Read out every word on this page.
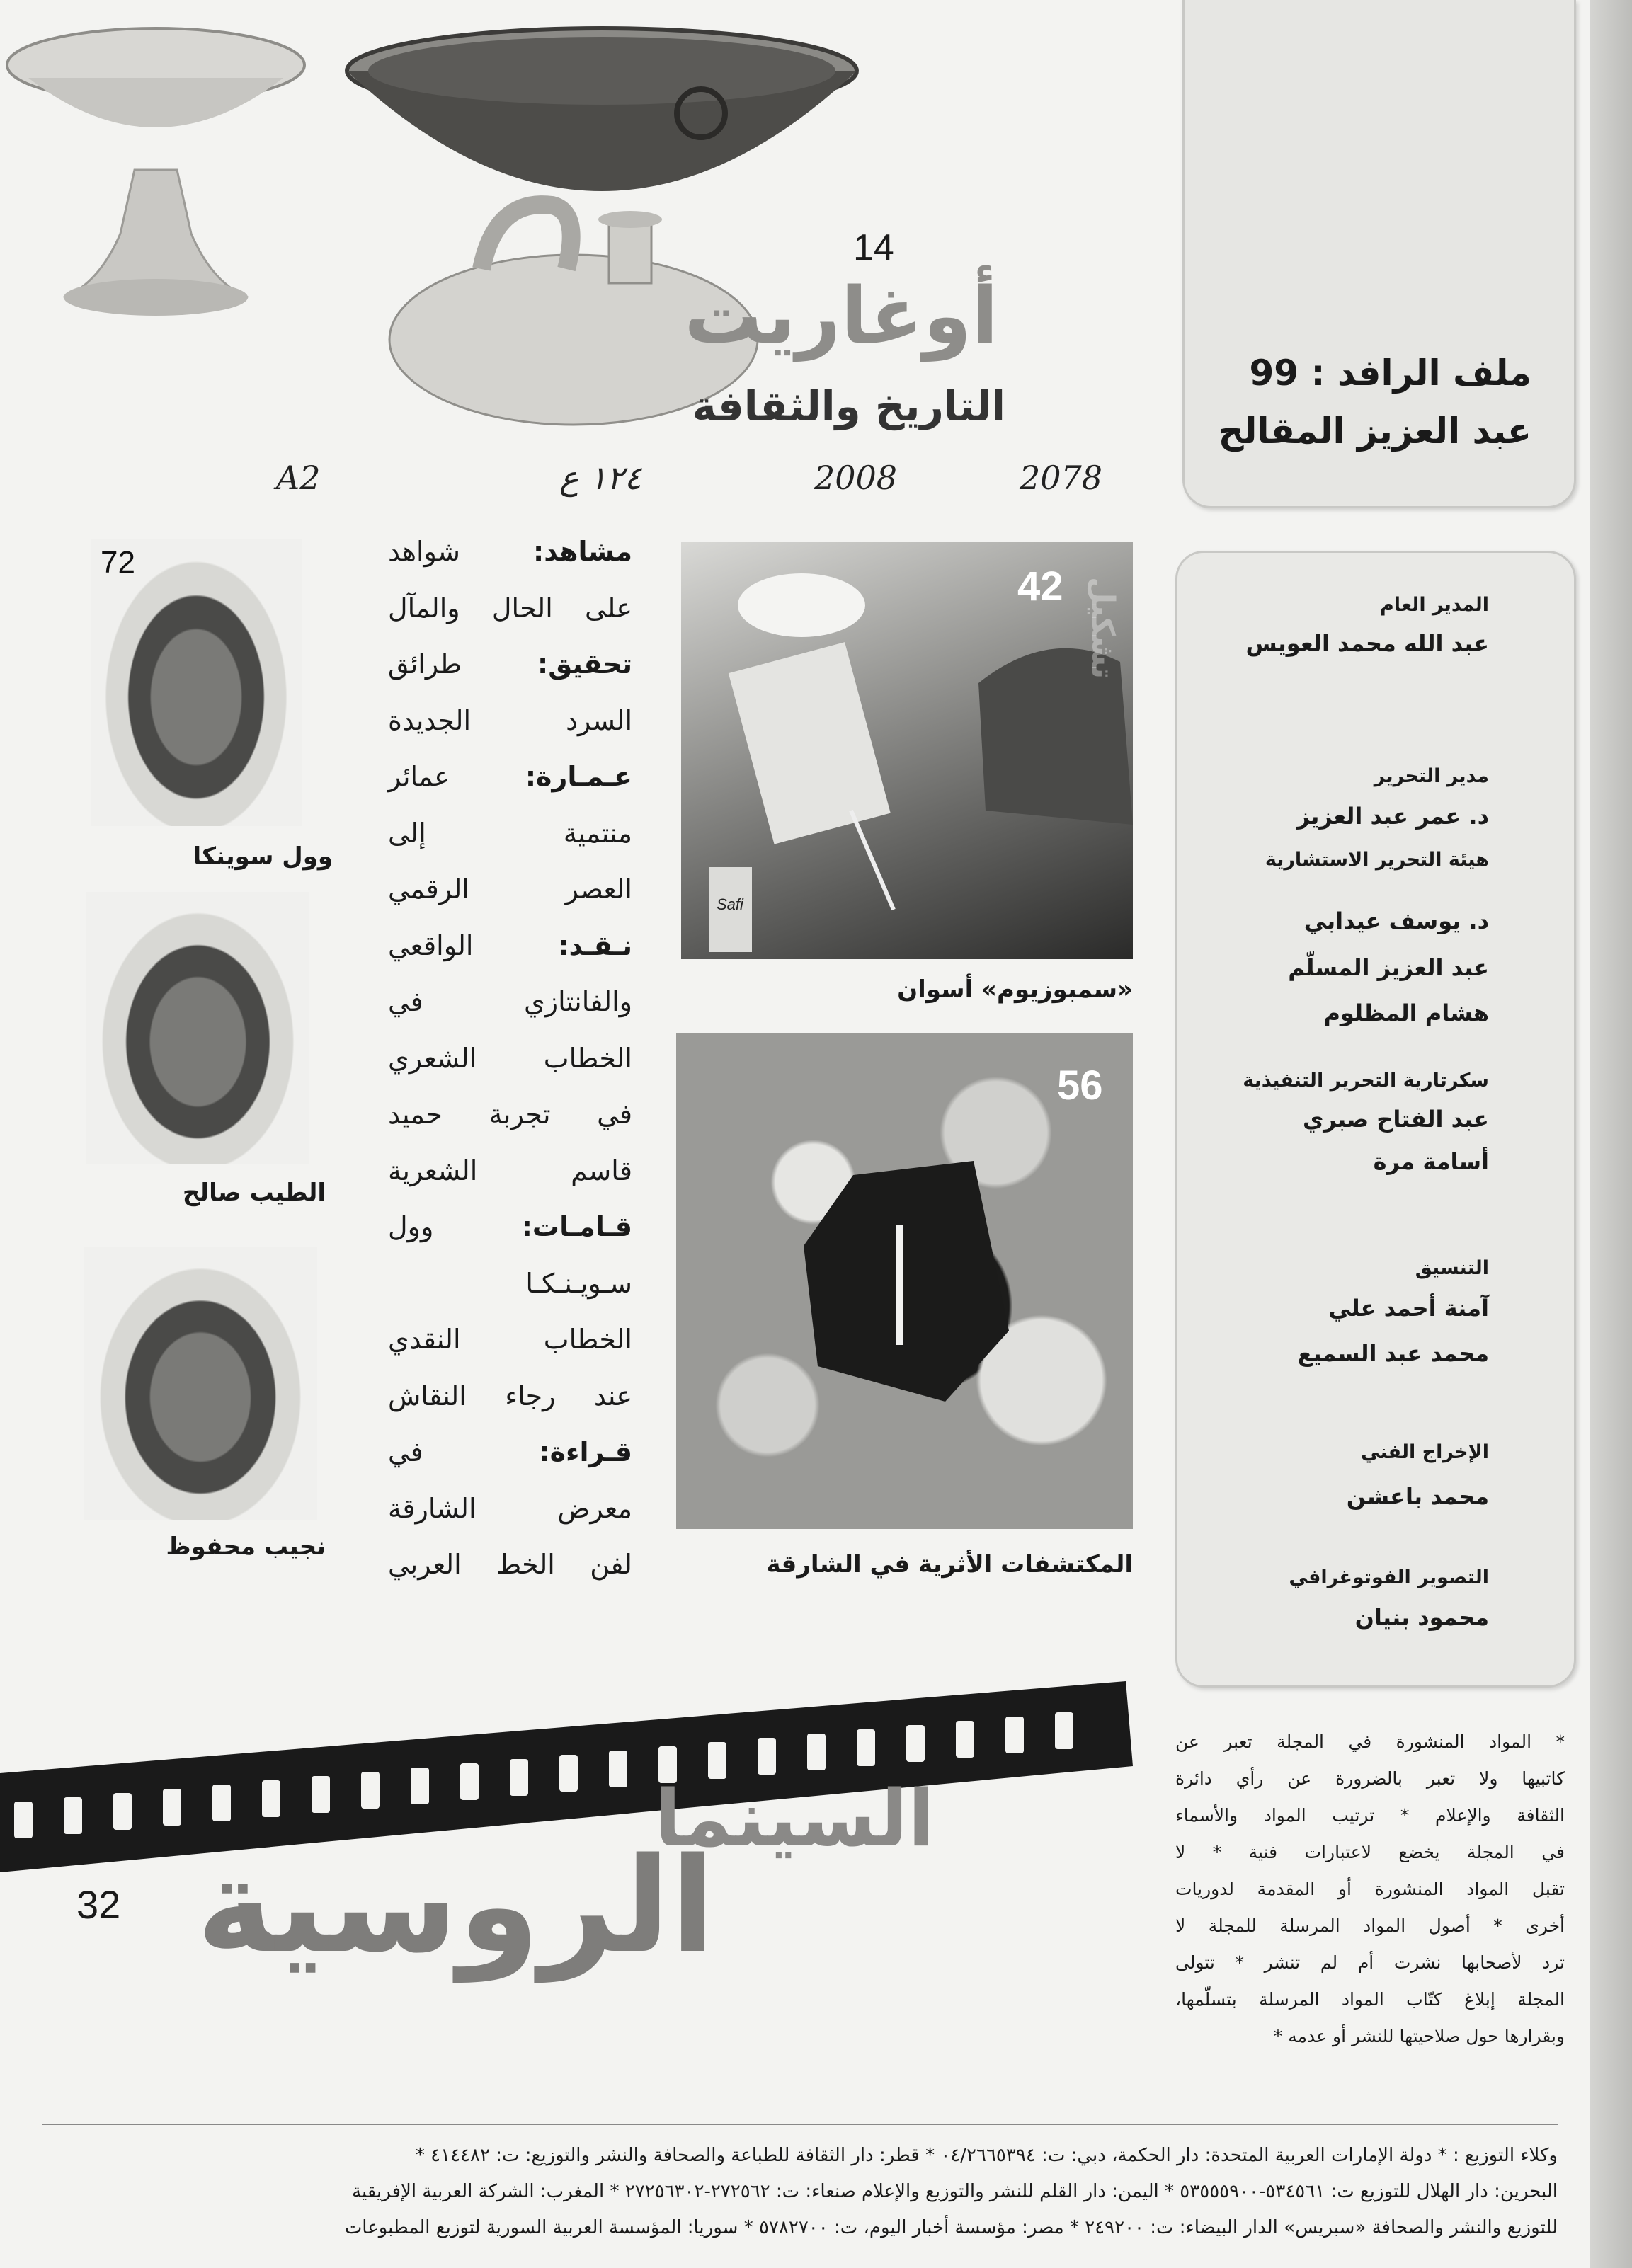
14
أوغاريت
التاريخ والثقافة
A2	١٢٤ ع	2008	2078
ملف الرافد : 99
عبد العزيز المقالح
المدير العام

عبد الله محمد العويس

مدير التحرير

د. عمر عبد العزيز

هيئة التحرير الاستشارية

د. يوسف عيدابي

عبد العزيز المسلّم

هشام المظلوم

سكرتارية التحرير التنفيذية

عبد الفتاح صبري

أسامة مرة

التنسيق

آمنة أحمد علي

محمد عبد السميع

الإخراج الفني

محمد باعشن

التصوير الفوتوغرافي

محمود بنيان

Safi
42 تشكيل
«سمبوزيوم» أسوان
56
المكتشفات الأثرية في الشارقة
مشاهد: شواهد
على الحال والمآل
تحقيق: طرائق
السرد الجديدة
عـمـارة: عمائر
منتمية إلى
العصر الرقمي
نـقـد: الواقعي
والفانتازي في
الخطاب الشعري
في تجربة حميد
قاسم الشعرية
قـامـات: وول
سـويـنـكـا
الخطاب النقدي
عند رجاء النقاش
قـراءة: في
معرض الشارقة
لفن الخط العربي
72
وول سوينكا
الطيب صالح
نجيب محفوظ
السينما
الروسية
32

* المواد المنشورة في المجلة تعبر عن

كاتبيها ولا تعبر بالضرورة عن رأي دائرة

الثقافة والإعلام * ترتيب المواد والأسماء

في المجلة يخضع لاعتبارات فنية * لا

تقبل المواد المنشورة أو المقدمة لدوريات

أخرى * أصول المواد المرسلة للمجلة لا

ترد لأصحابها نشرت أم لم تنشر * تتولى

المجلة إبلاغ كتّاب المواد المرسلة بتسلّمها،

وبقرارها حول صلاحيتها للنشر أو عدمه *

وكلاء التوزيع : * دولة الإمارات العربية المتحدة: دار الحكمة، دبي: ت: ٠٤/٢٦٦٥٣٩٤ * قطر: دار الثقافة للطباعة والصحافة والنشر والتوزيع: ت: ٤١٤٤٨٢ *

البحرين: دار الهلال للتوزيع ت: ٥٣٤٥٦١-٥٣٥٥٥٩٠٠ * اليمن: دار القلم للنشر والتوزيع والإعلام صنعاء: ت: ٢٧٢٥٦٢-٢٧٢٥٦٣٠٢ * المغرب: الشركة العربية الإفريقية

للتوزيع والنشر والصحافة «سبريس» الدار البيضاء: ت: ٢٤٩٢٠٠ * مصر: مؤسسة أخبار اليوم، ت: ٥٧٨٢٧٠٠ * سوريا: المؤسسة العربية السورية لتوزيع المطبوعات
